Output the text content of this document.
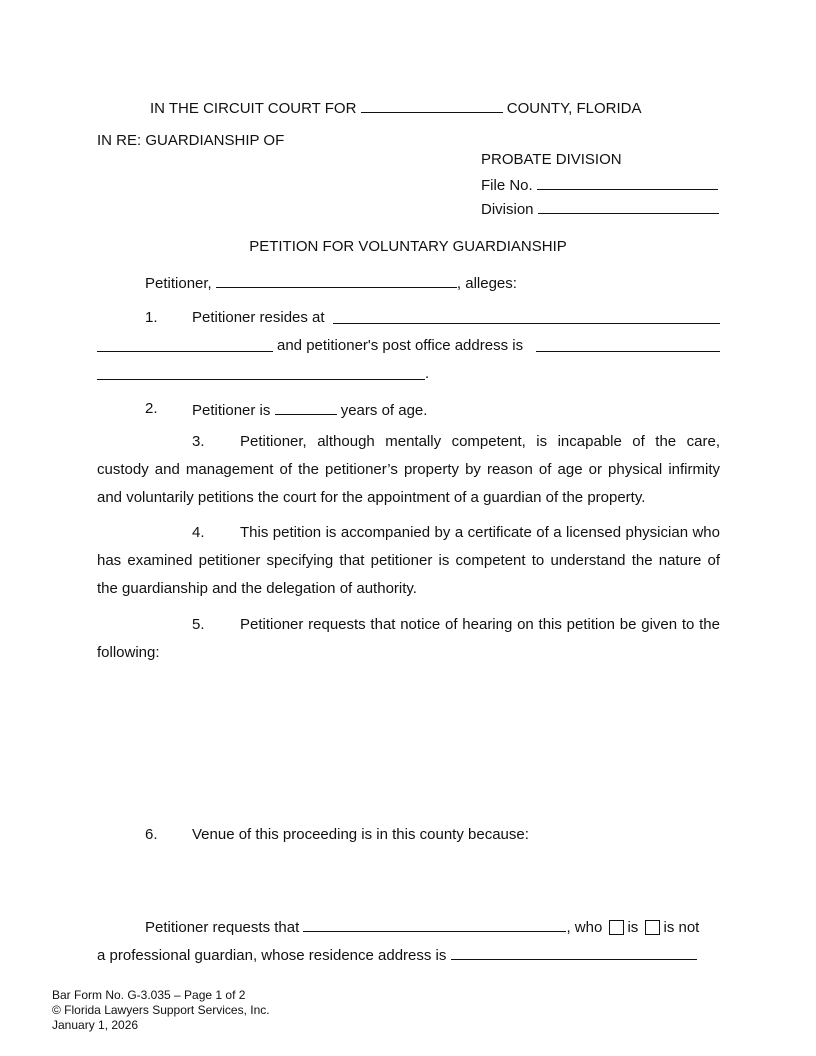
IN THE CIRCUIT COURT FOR	COUNTY, FLORIDA
IN RE: GUARDIANSHIP OF
PROBATE DIVISION
File No.
Division
PETITION FOR VOLUNTARY GUARDIANSHIP
Petitioner,	, alleges:
1. Petitioner resides at
and petitioner's post office address is
.
2. Petitioner is	years of age.
3. Petitioner, although mentally competent, is incapable of the care, custody and management of the petitioner’s property by reason of age or physical infirmity and voluntarily petitions the court for the appointment of a guardian of the property.
4. This petition is accompanied by a certificate of a licensed physician who has examined petitioner specifying that petitioner is competent to understand the nature of the guardianship and the delegation of authority.
5. Petitioner requests that notice of hearing on this petition be given to the following:
6. Venue of this proceeding is in this county because:
Petitioner requests that	, who is is not
a professional guardian, whose residence address is
Bar Form No. G-3.035 – Page 1 of 2
© Florida Lawyers Support Services, Inc.
January 1, 2026
